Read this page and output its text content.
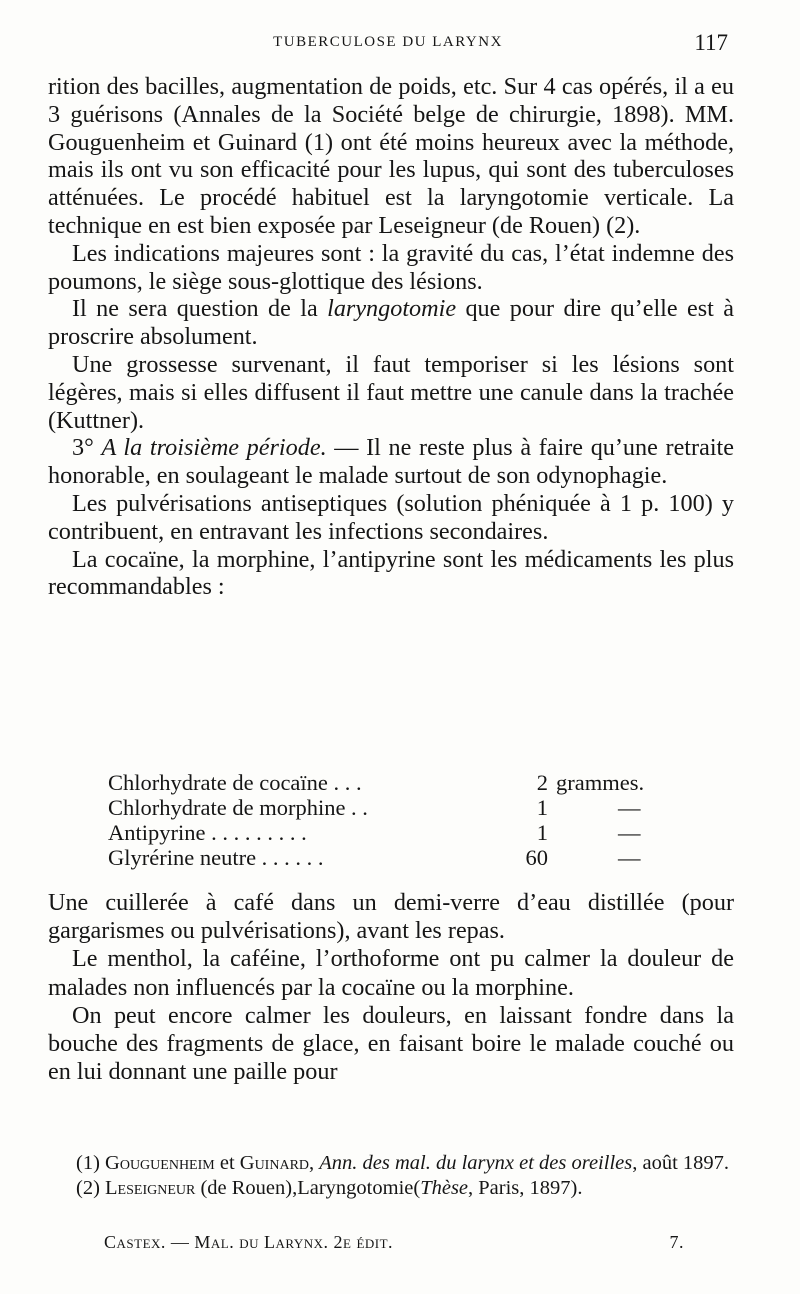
TUBERCULOSE DU LARYNX	117

rition des bacilles, augmentation de poids, etc. Sur 4 cas opérés, il a eu 3 guérisons (Annales de la Société belge de chirurgie, 1898). MM. Gouguenheim et Guinard (1) ont été moins heureux avec la méthode, mais ils ont vu son efficacité pour les lupus, qui sont des tuberculoses atténuées. Le procédé habituel est la laryngotomie verticale. La technique en est bien exposée par Leseigneur (de Rouen) (2).

Les indications majeures sont : la gravité du cas, l’état indemne des poumons, le siège sous-glottique des lésions.

Il ne sera question de la laryngotomie que pour dire qu’elle est à proscrire absolument.

Une grossesse survenant, il faut temporiser si les lésions sont légères, mais si elles diffusent il faut mettre une canule dans la trachée (Kuttner).

3° A la troisième période. — Il ne reste plus à faire qu’une retraite honorable, en soulageant le malade surtout de son odynophagie.

Les pulvérisations antiseptiques (solution phéniquée à 1 p. 100) y contribuent, en entravant les infections secondaires.

La cocaïne, la morphine, l’antipyrine sont les médicaments les plus recommandables :

Chlorhydrate de cocaïne . . .	2 grammes.
Chlorhydrate de morphine . .	1	—
Antipyrine . . . . . . . . .	1	—
Glyrérine neutre . . . . . .	60	—

Une cuillerée à café dans un demi-verre d’eau distillée (pour gargarismes ou pulvérisations), avant les repas.

Le menthol, la caféine, l’orthoforme ont pu calmer la douleur de malades non influencés par la cocaïne ou la morphine.

On peut encore calmer les douleurs, en laissant fondre dans la bouche des fragments de glace, en faisant boire le malade couché ou en lui donnant une paille pour

(1) Gouguenheim et Guinard, Ann. des mal. du larynx et des oreilles, août 1897.

(2) Leseigneur (de Rouen),Laryngotomie(Thèse, Paris, 1897).

Castex. — Mal. du Larynx. 2e édit.	7.
